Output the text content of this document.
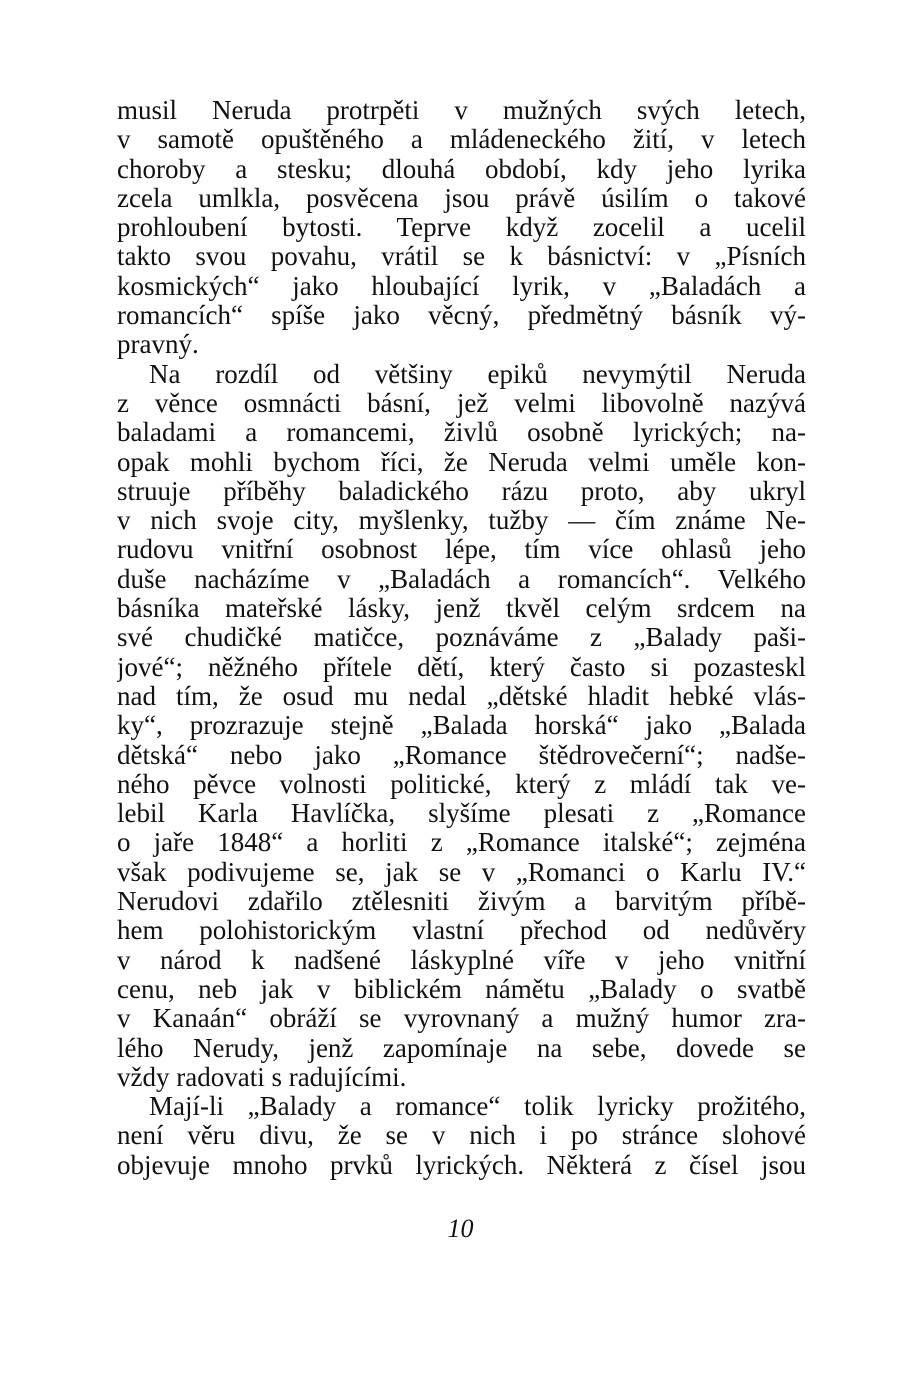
musil Neruda protrpěti v mužných svých letech,
v samotě opuštěného a mládeneckého žití, v letech
choroby a stesku; dlouhá období, kdy jeho lyrika
zcela umlkla, posvěcena jsou právě úsilím o takové
prohloubení bytosti. Teprve když zocelil a ucelil
takto svou povahu, vrátil se k básnictví: v „Písních
kosmických“ jako hloubající lyrik, v „Baladách a
romancích“ spíše jako věcný, předmětný básník vý-
pravný.
Na rozdíl od většiny epiků nevymýtil Neruda
z věnce osmnácti básní, jež velmi libovolně nazývá
baladami a romancemi, živlů osobně lyrických; na-
opak mohli bychom říci, že Neruda velmi uměle kon-
struuje příběhy baladického rázu proto, aby ukryl
v nich svoje city, myšlenky, tužby — čím známe Ne-
rudovu vnitřní osobnost lépe, tím více ohlasů jeho
duše nacházíme v „Baladách a romancích“. Velkého
básníka mateřské lásky, jenž tkvěl celým srdcem na
své chudičké matičce, poznáváme z „Balady paši-
jové“; něžného přítele dětí, který často si pozasteskl
nad tím, že osud mu nedal „dětské hladit hebké vlás-
ky“, prozrazuje stejně „Balada horská“ jako „Balada
dětská“ nebo jako „Romance štědrovečerní“; nadše-
ného pěvce volnosti politické, který z mládí tak ve-
lebil Karla Havlíčka, slyšíme plesati z „Romance
o jaře 1848“ a horliti z „Romance italské“; zejména
však podivujeme se, jak se v „Romanci o Karlu IV.“
Nerudovi zdařilo ztělesniti živým a barvitým příbě-
hem polohistorickým vlastní přechod od nedůvěry
v národ k nadšené láskyplné víře v jeho vnitřní
cenu, neb jak v biblickém námětu „Balady o svatbě
v Kanaán“ obráží se vyrovnaný a mužný humor zra-
lého Nerudy, jenž zapomínaje na sebe, dovede se
vždy radovati s radujícími.
Mají-li „Balady a romance“ tolik lyricky prožitého,
není věru divu, že se v nich i po stránce slohové
objevuje mnoho prvků lyrických. Některá z čísel jsou
10
